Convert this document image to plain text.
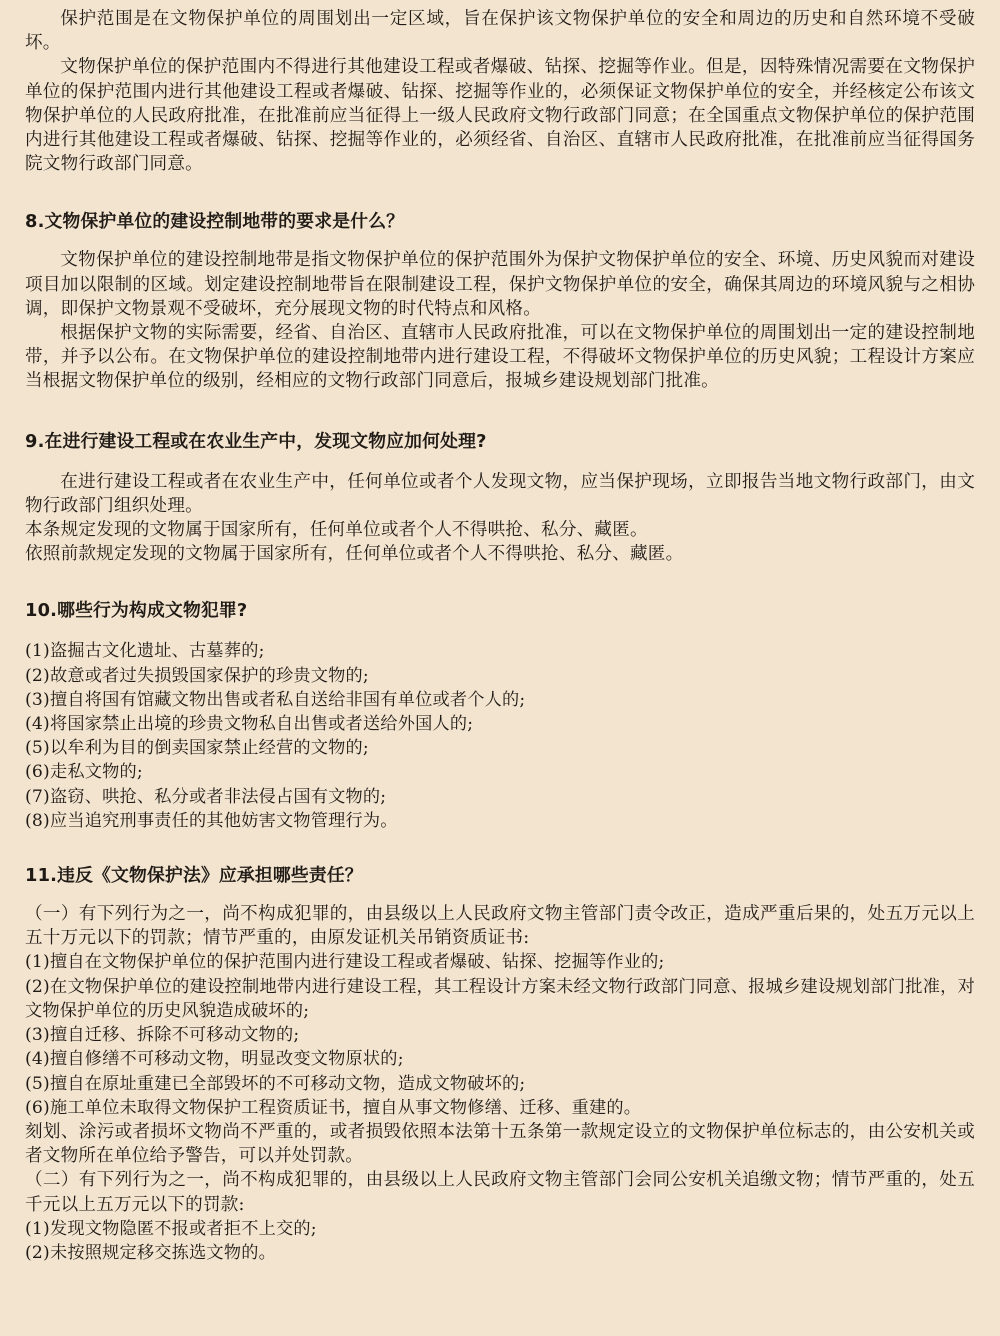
保护范围是在文物保护单位的周围划出一定区域，旨在保护该文物保护单位的安全和周边的历史和自然环境不受破坏。

文物保护单位的保护范围内不得进行其他建设工程或者爆破、钻探、挖掘等作业。但是，因特殊情况需要在文物保护单位的保护范围内进行其他建设工程或者爆破、钻探、挖掘等作业的，必须保证文物保护单位的安全，并经核定公布该文物保护单位的人民政府批准，在批准前应当征得上一级人民政府文物行政部门同意；在全国重点文物保护单位的保护范围内进行其他建设工程或者爆破、钻探、挖掘等作业的，必须经省、自治区、直辖市人民政府批准，在批准前应当征得国务院文物行政部门同意。

8.文物保护单位的建设控制地带的要求是什么？

文物保护单位的建设控制地带是指文物保护单位的保护范围外为保护文物保护单位的安全、环境、历史风貌而对建设项目加以限制的区域。划定建设控制地带旨在限制建设工程，保护文物保护单位的安全，确保其周边的环境风貌与之相协调，即保护文物景观不受破坏，充分展现文物的时代特点和风格。

根据保护文物的实际需要，经省、自治区、直辖市人民政府批准，可以在文物保护单位的周围划出一定的建设控制地带，并予以公布。在文物保护单位的建设控制地带内进行建设工程，不得破坏文物保护单位的历史风貌；工程设计方案应当根据文物保护单位的级别，经相应的文物行政部门同意后，报城乡建设规划部门批准。

9.在进行建设工程或在农业生产中，发现文物应加何处理?

在进行建设工程或者在农业生产中，任何单位或者个人发现文物，应当保护现场，立即报告当地文物行政部门，由文物行政部门组织处理。

本条规定发现的文物属于国家所有，任何单位或者个人不得哄抢、私分、藏匿。

依照前款规定发现的文物属于国家所有，任何单位或者个人不得哄抢、私分、藏匿。

10.哪些行为构成文物犯罪?

(1)盗掘古文化遗址、古墓葬的;

(2)故意或者过失损毁国家保护的珍贵文物的;

(3)擅自将国有馆藏文物出售或者私自送给非国有单位或者个人的;

(4)将国家禁止出境的珍贵文物私自出售或者送给外国人的;

(5)以牟利为目的倒卖国家禁止经营的文物的;

(6)走私文物的;

(7)盗窃、哄抢、私分或者非法侵占国有文物的;

(8)应当追究刑事责任的其他妨害文物管理行为。

11.违反《文物保护法》应承担哪些责任？

（一）有下列行为之一，尚不构成犯罪的，由县级以上人民政府文物主管部门责令改正，造成严重后果的，处五万元以上五十万元以下的罚款；情节严重的，由原发证机关吊销资质证书:

(1)擅自在文物保护单位的保护范围内进行建设工程或者爆破、钻探、挖掘等作业的;

(2)在文物保护单位的建设控制地带内进行建设工程，其工程设计方案未经文物行政部门同意、报城乡建设规划部门批准，对文物保护单位的历史风貌造成破坏的;

(3)擅自迁移、拆除不可移动文物的;

(4)擅自修缮不可移动文物，明显改变文物原状的;

(5)擅自在原址重建已全部毁坏的不可移动文物，造成文物破坏的;

(6)施工单位未取得文物保护工程资质证书，擅自从事文物修缮、迁移、重建的。

刻划、涂污或者损坏文物尚不严重的，或者损毁依照本法第十五条第一款规定设立的文物保护单位标志的，由公安机关或者文物所在单位给予警告，可以并处罚款。

（二）有下列行为之一，尚不构成犯罪的，由县级以上人民政府文物主管部门会同公安机关追缴文物；情节严重的，处五千元以上五万元以下的罚款:

(1)发现文物隐匿不报或者拒不上交的;

(2)未按照规定移交拣选文物的。
